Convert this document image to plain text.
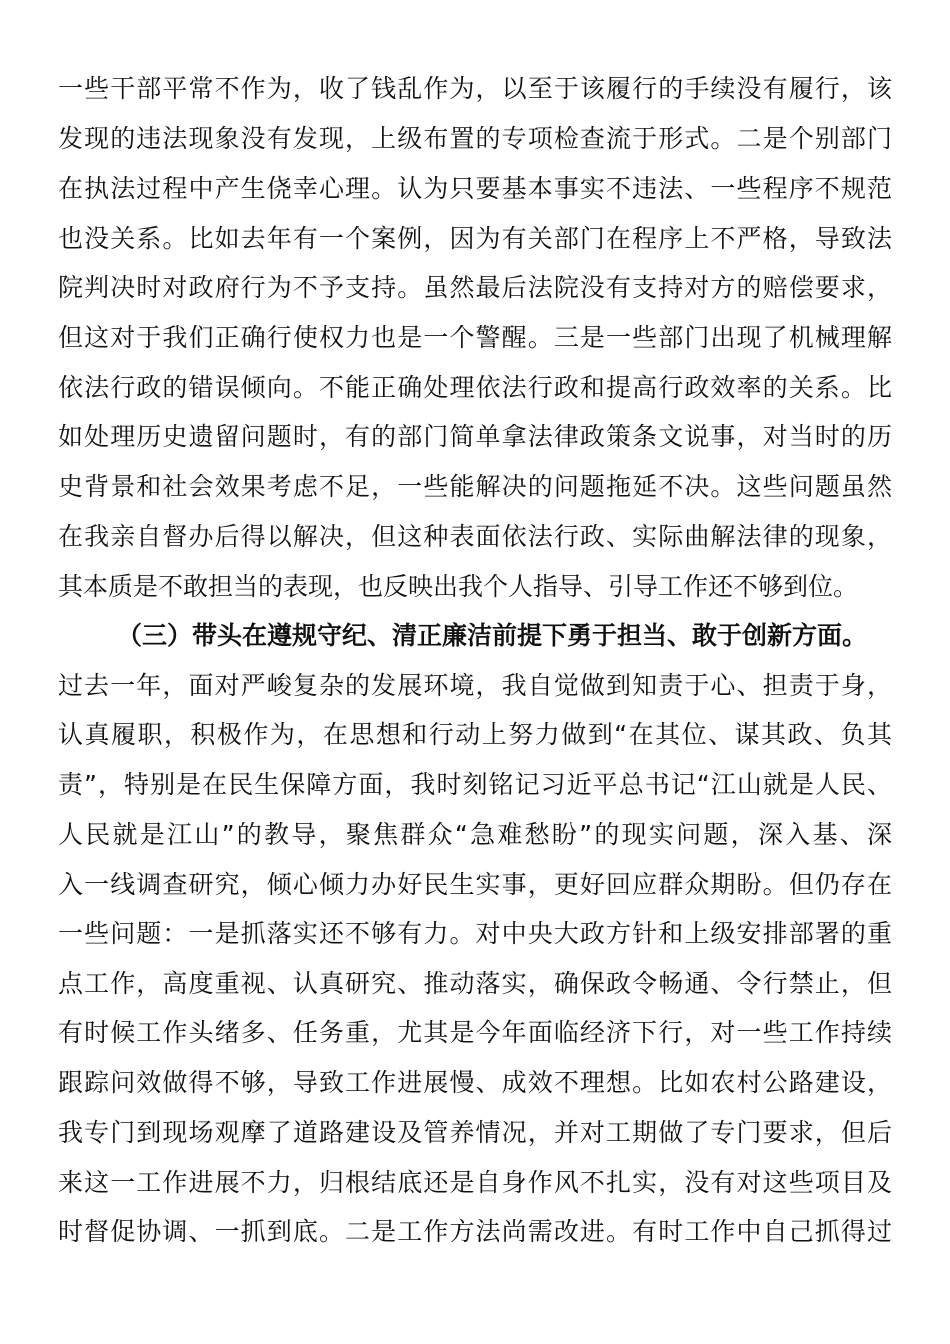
一些干部平常不作为，收了钱乱作为，以至于该履行的手续没有履行，该
发现的违法现象没有发现，上级布置的专项检查流于形式。二是个别部门
在执法过程中产生侥幸心理。认为只要基本事实不违法、一些程序不规范
也没关系。比如去年有一个案例，因为有关部门在程序上不严格，导致法
院判决时对政府行为不予支持。虽然最后法院没有支持对方的赔偿要求，
但这对于我们正确行使权力也是一个警醒。三是一些部门出现了机械理解
依法行政的错误倾向。不能正确处理依法行政和提高行政效率的关系。比
如处理历史遗留问题时，有的部门简单拿法律政策条文说事，对当时的历
史背景和社会效果考虑不足，一些能解决的问题拖延不决。这些问题虽然
在我亲自督办后得以解决，但这种表面依法行政、实际曲解法律的现象，
其本质是不敢担当的表现，也反映出我个人指导、引导工作还不够到位。
（三）带头在遵规守纪、清正廉洁前提下勇于担当、敢于创新方面。
过去一年，面对严峻复杂的发展环境，我自觉做到知责于心、担责于身，
认真履职，积极作为，在思想和行动上努力做到“在其位、谋其政、负其
责”，特别是在民生保障方面，我时刻铭记习近平总书记“江山就是人民、
人民就是江山”的教导，聚焦群众“急难愁盼”的现实问题，深入基、深
入一线调查研究，倾心倾力办好民生实事，更好回应群众期盼。但仍存在
一些问题：一是抓落实还不够有力。对中央大政方针和上级安排部署的重
点工作，高度重视、认真研究、推动落实，确保政令畅通、令行禁止，但
有时候工作头绪多、任务重，尤其是今年面临经济下行，对一些工作持续
跟踪问效做得不够，导致工作进展慢、成效不理想。比如农村公路建设，
我专门到现场观摩了道路建设及管养情况，并对工期做了专门要求，但后
来这一工作进展不力，归根结底还是自身作风不扎实，没有对这些项目及
时督促协调、一抓到底。二是工作方法尚需改进。有时工作中自己抓得过
